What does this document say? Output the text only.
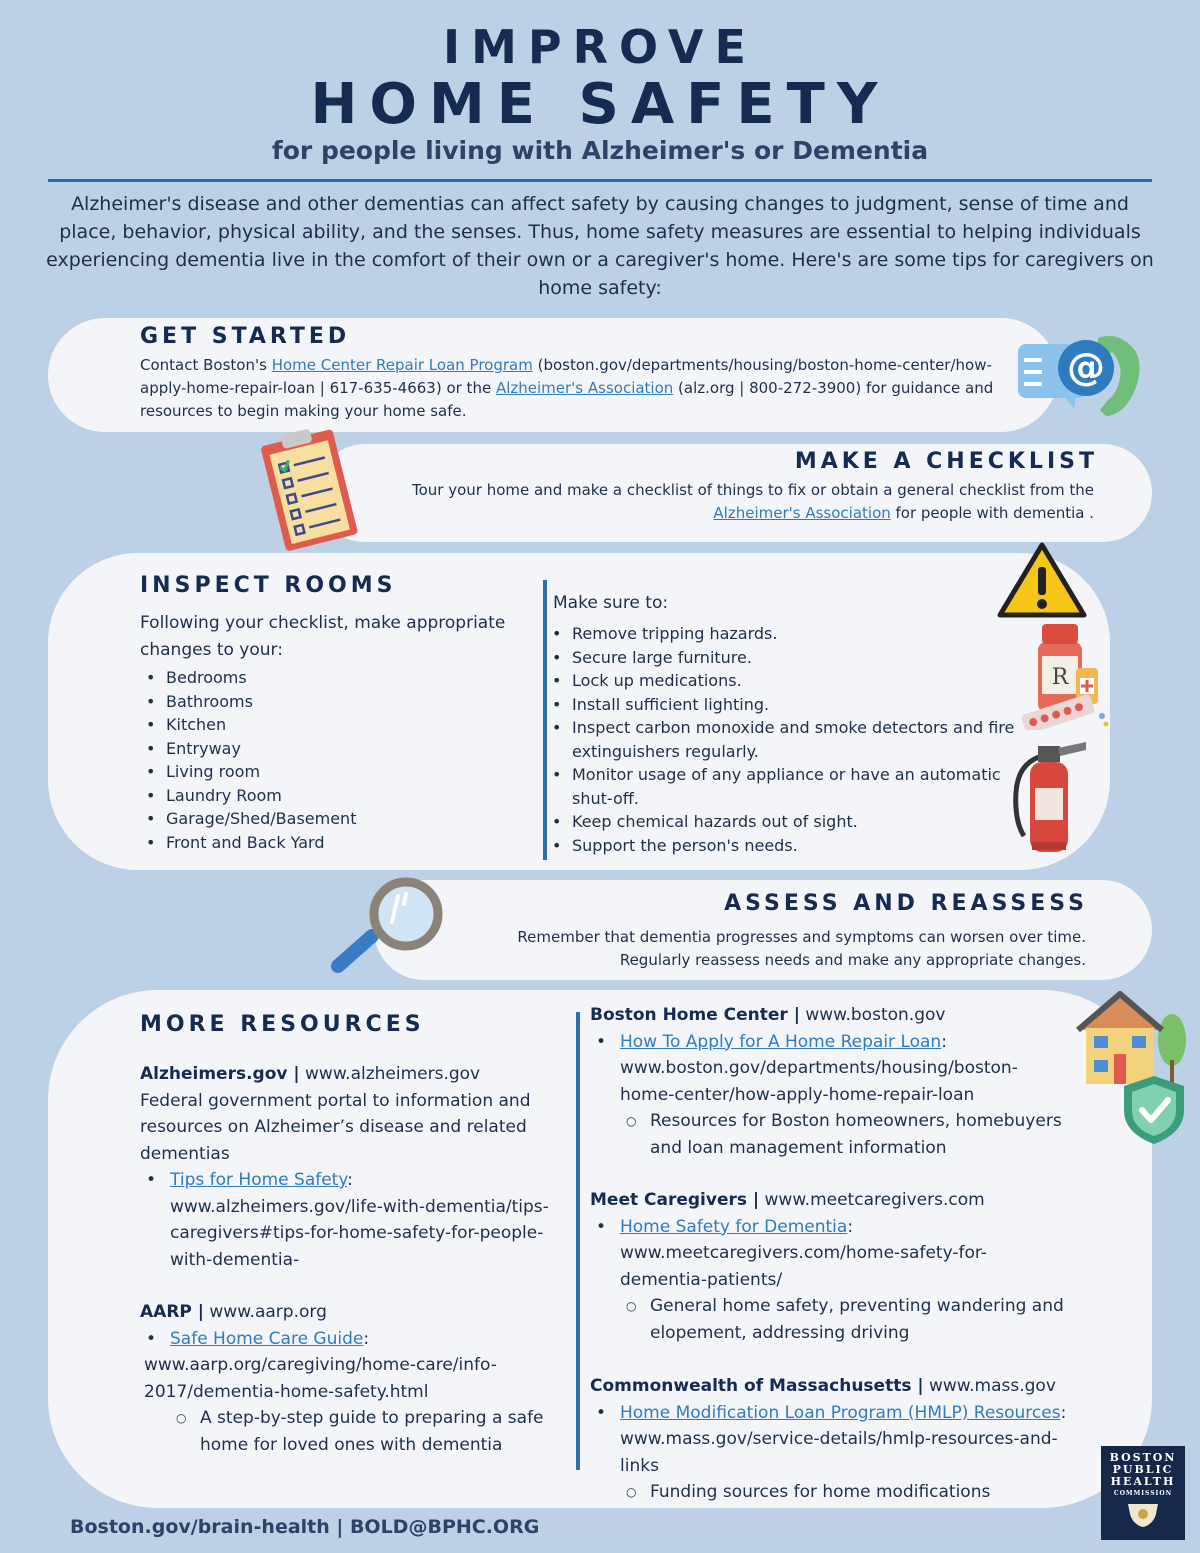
IMPROVE
HOME SAFETY
for people living with Alzheimer's or Dementia
Alzheimer's disease and other dementias can affect safety by causing changes to judgment, sense of time and place, behavior, physical ability, and the senses. Thus, home safety measures are essential to helping individuals experiencing dementia live in the comfort of their own or a caregiver's home. Here's are some tips for caregivers on home safety:
GET STARTED
Contact Boston's Home Center Repair Loan Program (boston.gov/departments/housing/boston-home-center/how-apply-home-repair-loan | 617-635-4663) or the Alzheimer's Association (alz.org | 800-272-3900) for guidance and resources to begin making your home safe.
@
MAKE A CHECKLIST
Tour your home and make a checklist of things to fix or obtain a general checklist from the Alzheimer's Association for people with dementia .
INSPECT ROOMS
Following your checklist, make appropriate changes to your:
• Bedrooms
• Bathrooms
• Kitchen
• Entryway
• Living room
• Laundry Room
• Garage/Shed/Basement
• Front and Back Yard
Make sure to:
• Remove tripping hazards.
• Secure large furniture.
• Lock up medications.
• Install sufficient lighting.
• Inspect carbon monoxide and smoke detectors and fire extinguishers regularly.
• Monitor usage of any appliance or have an automatic shut-off.
• Keep chemical hazards out of sight.
• Support the person's needs.
R
ASSESS AND REASSESS
Remember that dementia progresses and symptoms can worsen over time. Regularly reassess needs and make any appropriate changes.
MORE RESOURCES
Alzheimers.gov | www.alzheimers.gov
Federal government portal to information and resources on Alzheimer’s disease and related dementias
• Tips for Home Safety: www.alzheimers.gov/life-with-dementia/tips-caregivers#tips-for-home-safety-for-people-with-dementia-
AARP | www.aarp.org
• Safe Home Care Guide:
www.aarp.org/caregiving/home-care/info-2017/dementia-home-safety.html
○ A step-by-step guide to preparing a safe home for loved ones with dementia
Boston Home Center | www.boston.gov
• How To Apply for A Home Repair Loan: www.boston.gov/departments/housing/boston-home-center/how-apply-home-repair-loan
○ Resources for Boston homeowners, homebuyers and loan management information
Meet Caregivers | www.meetcaregivers.com
• Home Safety for Dementia: www.meetcaregivers.com/home-safety-for-dementia-patients/
○ General home safety, preventing wandering and elopement, addressing driving
Commonwealth of Massachusetts | www.mass.gov
• Home Modification Loan Program (HMLP) Resources: www.mass.gov/service-details/hmlp-resources-and-links
○ Funding sources for home modifications
Boston.gov/brain-health | BOLD@BPHC.ORG
BOSTON
PUBLIC
HEALTH
COMMISSION
